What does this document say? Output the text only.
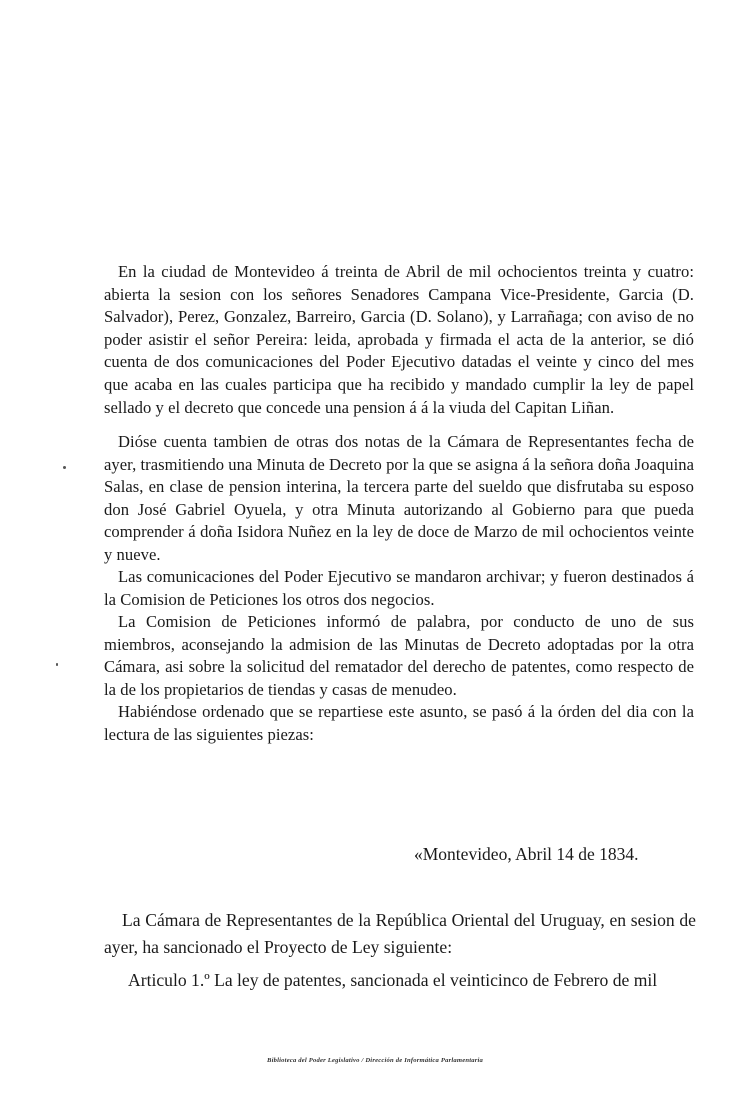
En la ciudad de Montevideo á treinta de Abril de mil ochocientos treinta y cuatro: abierta la sesion con los señores Senadores Campana Vice-Presidente, Garcia (D. Salvador), Perez, Gonzalez, Barreiro, Garcia (D. Solano), y Larrañaga; con aviso de no poder asistir el señor Pereira: leida, aprobada y firmada el acta de la anterior, se dió cuenta de dos comunicaciones del Poder Ejecutivo datadas el veinte y cinco del mes que acaba en las cuales participa que ha recibido y mandado cumplir la ley de papel sellado y el decreto que concede una pension á á la viuda del Capitan Liñan.

Dióse cuenta tambien de otras dos notas de la Cámara de Representantes fecha de ayer, trasmitiendo una Minuta de Decreto por la que se asigna á la señora doña Joaquina Salas, en clase de pension interina, la tercera parte del sueldo que disfrutaba su esposo don José Gabriel Oyuela, y otra Minuta autorizando al Gobierno para que pueda comprender á doña Isidora Nuñez en la ley de doce de Marzo de mil ochocientos veinte y nueve.

Las comunicaciones del Poder Ejecutivo se mandaron archivar; y fueron destinados á la Comision de Peticiones los otros dos negocios.

La Comision de Peticiones informó de palabra, por conducto de uno de sus miembros, aconsejando la admision de las Minutas de Decreto adoptadas por la otra Cámara, asi sobre la solicitud del rematador del derecho de patentes, como respecto de la de los propietarios de tiendas y casas de menudeo.

Habiéndose ordenado que se repartiese este asunto, se pasó á la órden del dia con la lectura de las siguientes piezas:

«Montevideo, Abril 14 de 1834.

La Cámara de Representantes de la República Oriental del Uruguay, en sesion de ayer, ha sancionado el Proyecto de Ley siguiente:

Articulo 1.º La ley de patentes, sancionada el veinticinco de Febrero de mil

Biblioteca del Poder Legislativo / Dirección de Informática Parlamentaria
